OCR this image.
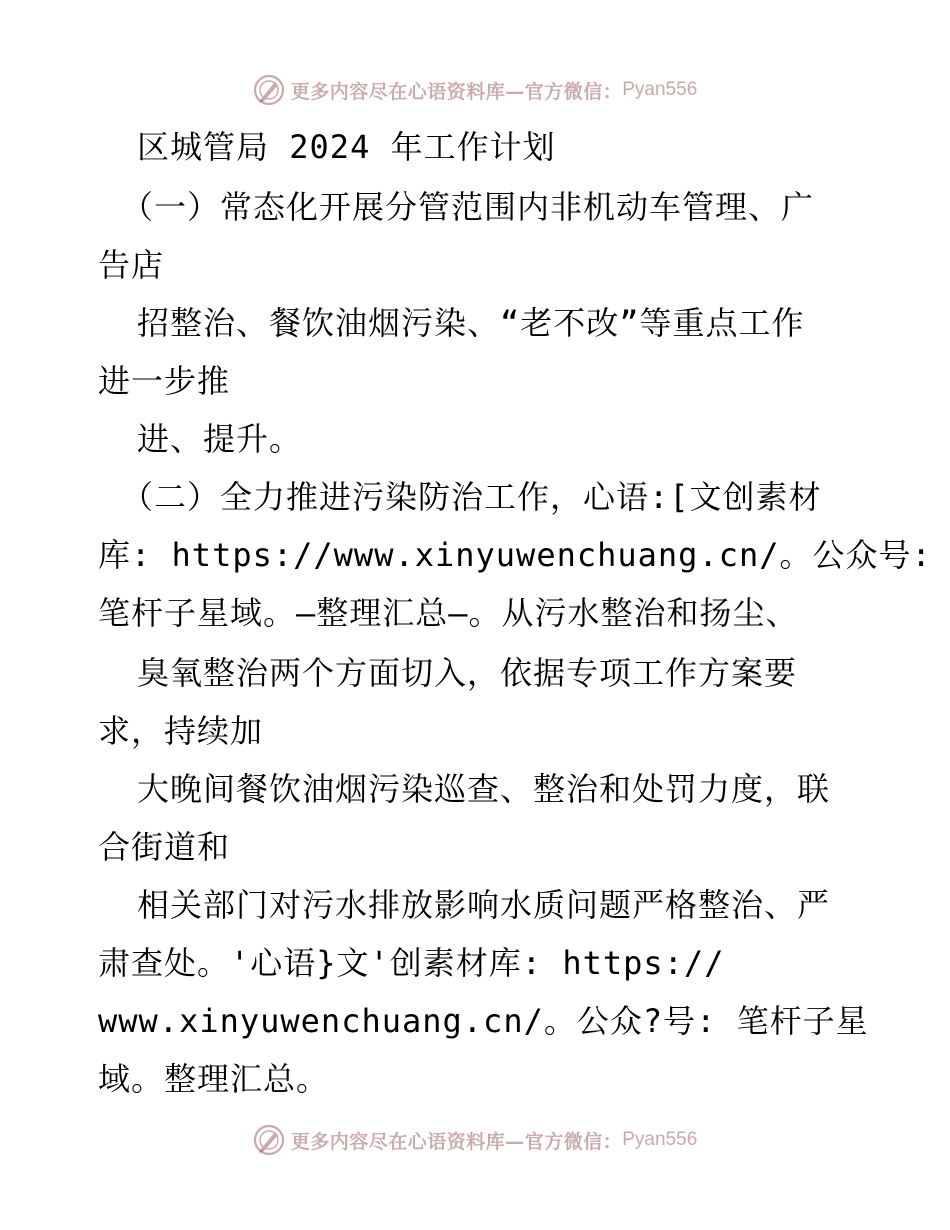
更多内容尽在心语资料库—官方微信： Pyan556
区城管局 2024 年工作计划
（一）常态化开展分管范围内非机动车管理、广
告店
招整治、餐饮油烟污染、“老不改”等重点工作
进一步推
进、提升。
（二）全力推进污染防治工作，心语:[文创素材
库: https://www.xinyuwenchuang.cn/。公众号:
笔杆子星域。—整理汇总—。从污水整治和扬尘、
臭氧整治两个方面切入，依据专项工作方案要
求，持续加
大晚间餐饮油烟污染巡查、整治和处罚力度，联
合街道和
相关部门对污水排放影响水质问题严格整治、严
肃查处。'心语}文'创素材库: https://
www.xinyuwenchuang.cn/。公众?号: 笔杆子星
域。整理汇总。
更多内容尽在心语资料库—官方微信： Pyan556
